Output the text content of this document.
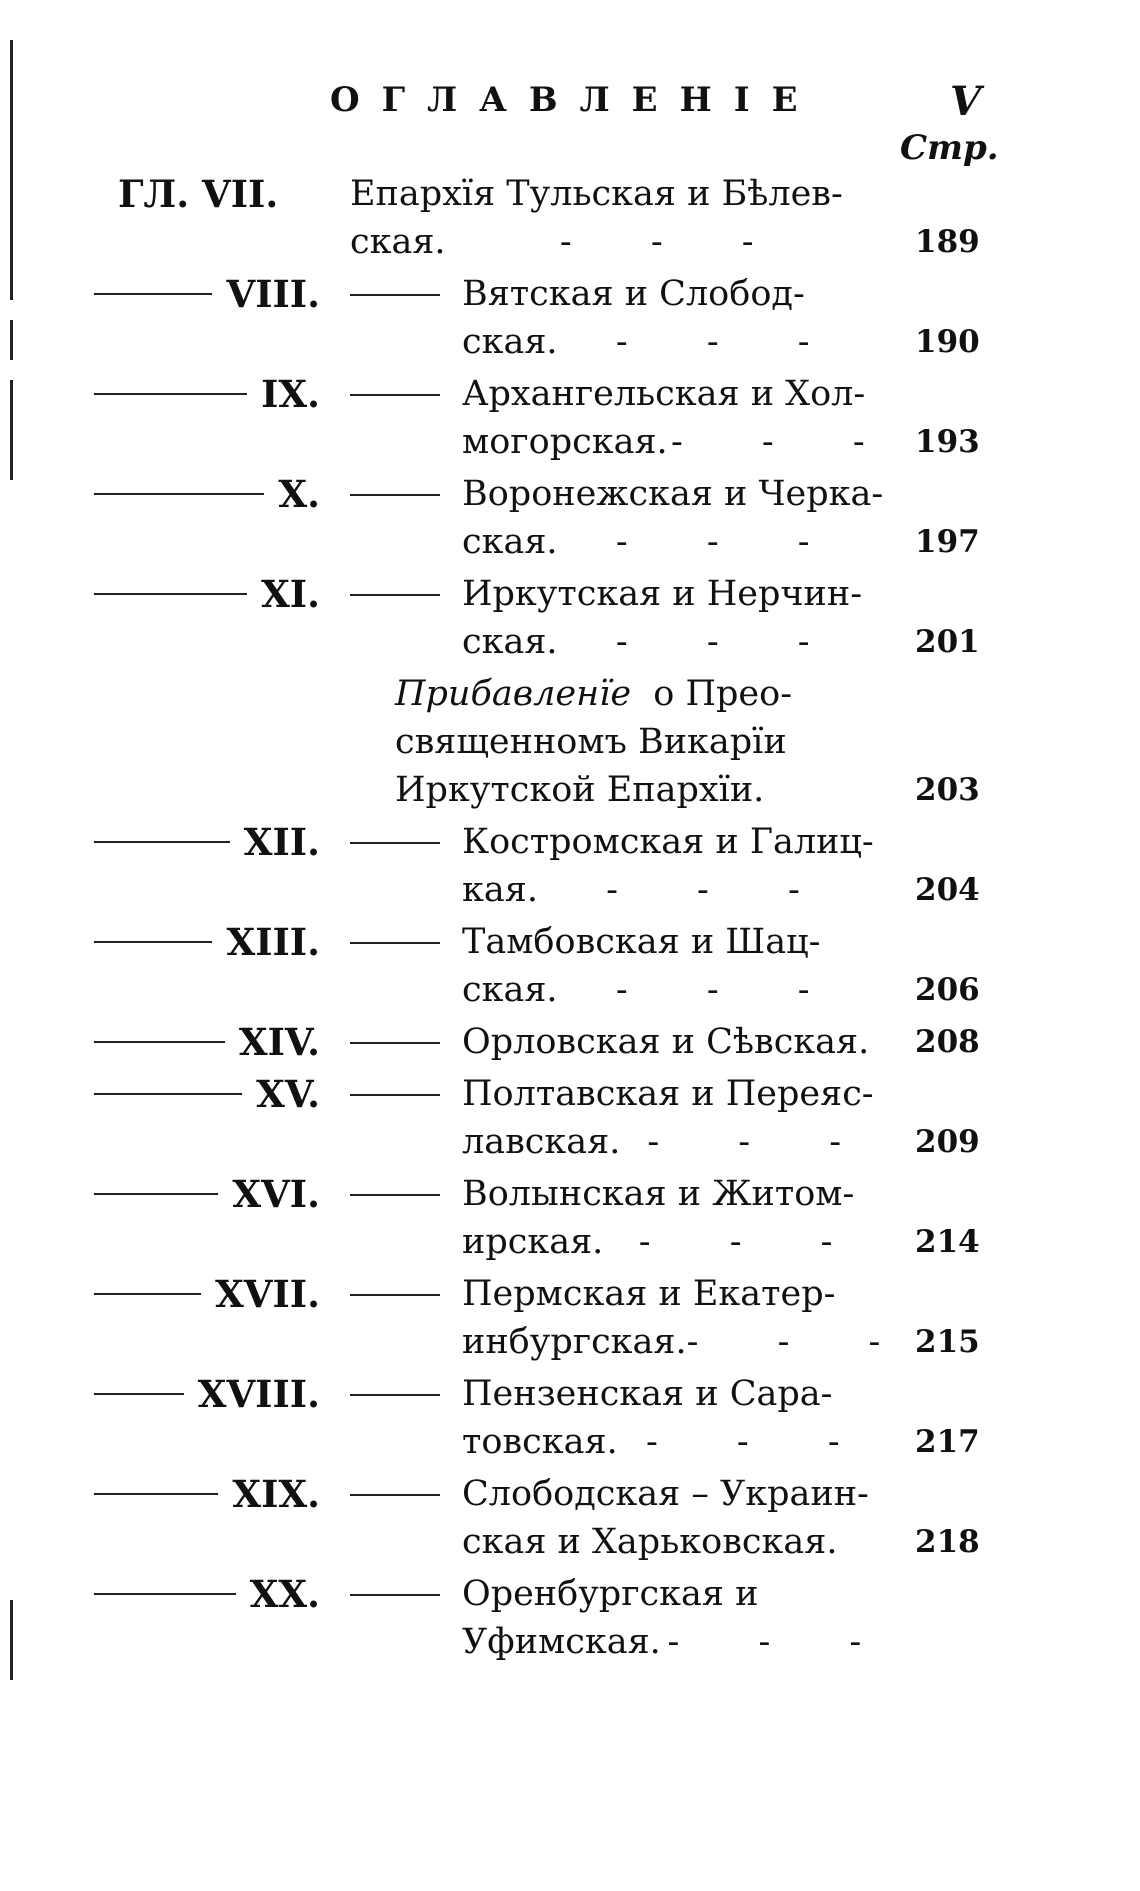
ОГЛАВЛЕНІЕ	V
Стр.
ГЛ. VII. Епархїя Тульская и Бѣлев-
ская.	- - -	189
VIII.	Вятская и Слобод-
ская.	- - -	190
IX.	Архангельская и Хол-
могорская. - - - 193
X.	Воронежская и Черка-
ская.	- - -	197
XI.	Иркутская и Нерчин-
ская.	- - -	201
Прибавленїе
о Прео-
священномъ Викарїи
Иркутской Епархїи.	203
XII.	Костромская и Галиц-
кая.	- - -	204
XIII.	Тамбовская и Шац-
ская.	- - -	206
XIV.	Орловская и Сѣвская. 208
XV.	Полтавская и Переяс-
лавская. - - -	209
XVI.	Волынская и Житом-
ирская.	- - -	214
XVII.	Пермская и Екатер-
инбургская. - - - 215
XVIII.	Пензенская и Сара-
товская. - - -	217
XIX.	Слободская – Украин-
ская и Харьковская.	218
XX.	Оренбургская и
Уфимская. - - -
